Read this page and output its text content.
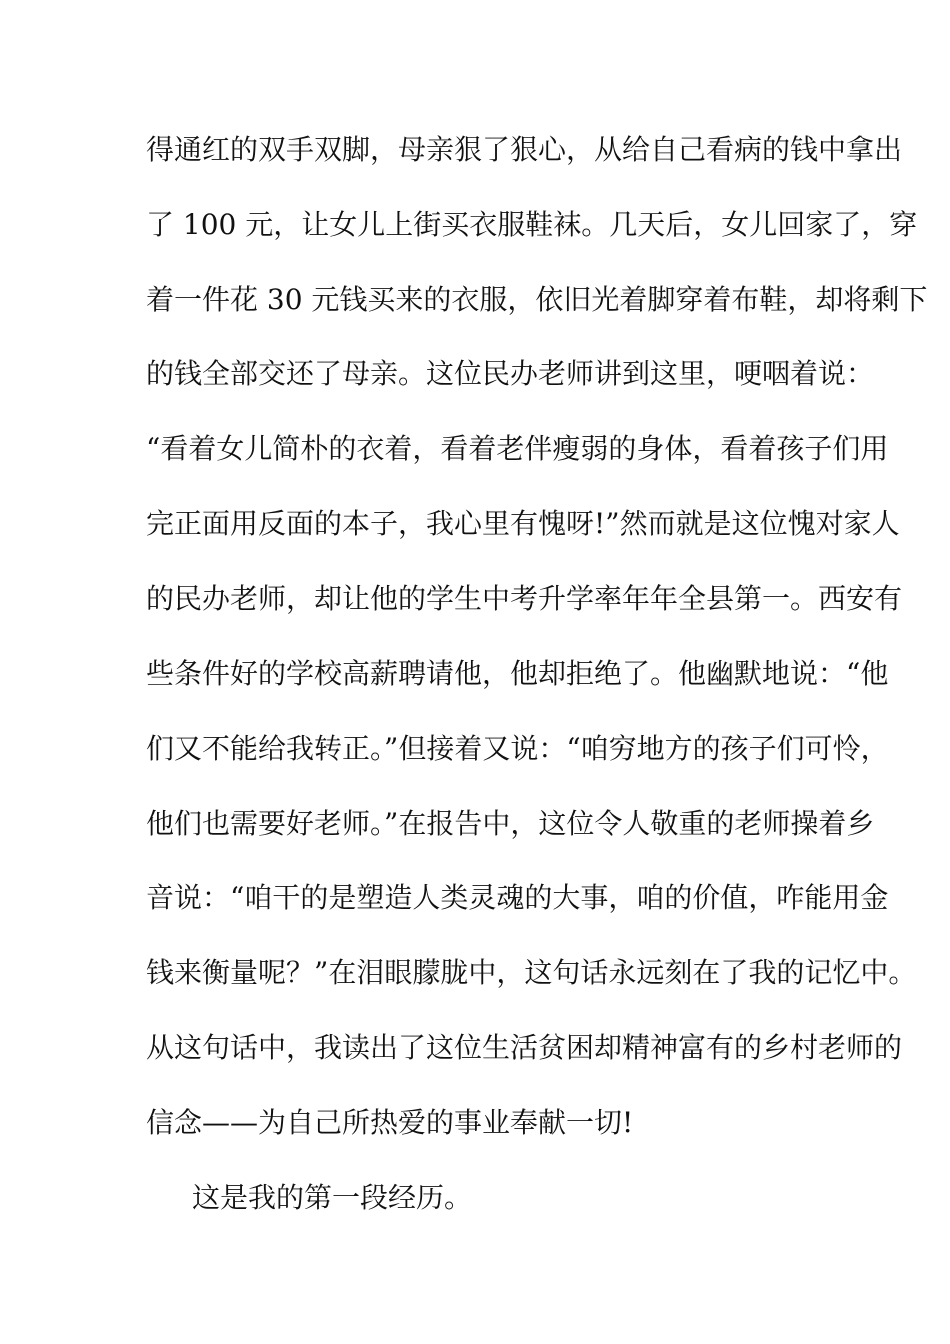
得通红的双手双脚，母亲狠了狠心，从给自己看病的钱中拿出
了 100 元，让女儿上街买衣服鞋袜。几天后，女儿回家了，穿
着一件花 30 元钱买来的衣服，依旧光着脚穿着布鞋，却将剩下
的钱全部交还了母亲。这位民办老师讲到这里，哽咽着说：
“看着女儿简朴的衣着，看着老伴瘦弱的身体，看着孩子们用
完正面用反面的本子，我心里有愧呀!”然而就是这位愧对家人
的民办老师，却让他的学生中考升学率年年全县第一。西安有
些条件好的学校高薪聘请他，他却拒绝了。他幽默地说：“他
们又不能给我转正。”但接着又说：“咱穷地方的孩子们可怜，
他们也需要好老师。”在报告中，这位令人敬重的老师操着乡
音说：“咱干的是塑造人类灵魂的大事，咱的价值，咋能用金
钱来衡量呢？”在泪眼朦胧中，这句话永远刻在了我的记忆中。
从这句话中，我读出了这位生活贫困却精神富有的乡村老师的
信念——为自己所热爱的事业奉献一切!
这是我的第一段经历。
